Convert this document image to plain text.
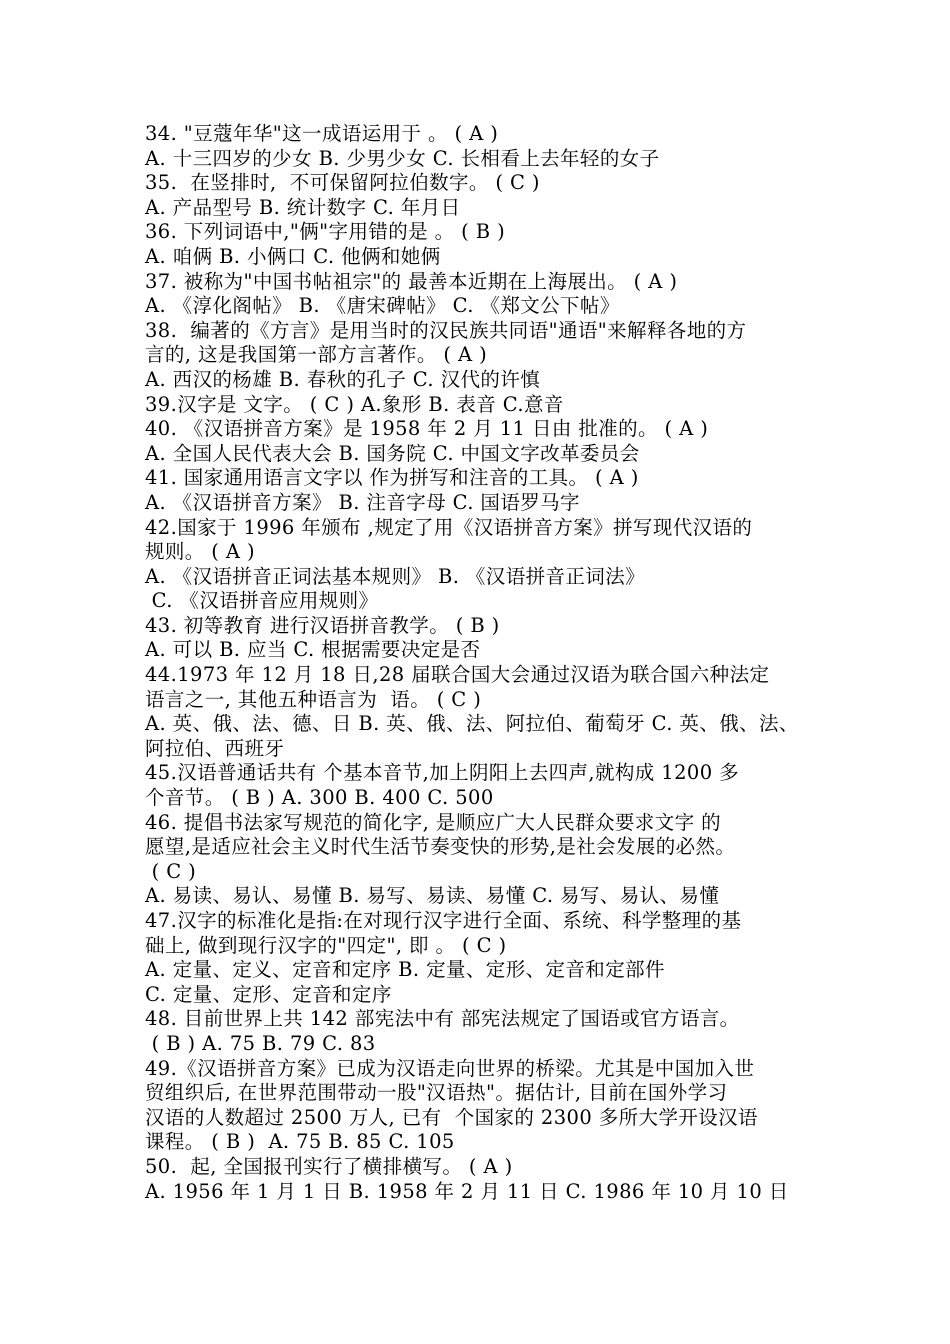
34. "豆蔻年华"这一成语运用于 。 ( A )
A. 十三四岁的少女 B. 少男少女 C. 长相看上去年轻的女子
35.  在竖排时,  不可保留阿拉伯数字。 ( C )
A. 产品型号 B. 统计数字 C. 年月日
36. 下列词语中,"俩"字用错的是 。 ( B )
A. 咱俩 B. 小俩口 C. 他俩和她俩
37. 被称为"中国书帖祖宗"的 最善本近期在上海展出。 ( A )
A. 《淳化阁帖》 B. 《唐宋碑帖》 C. 《郑文公下帖》
38.  编著的《方言》是用当时的汉民族共同语"通语"来解释各地的方
言的, 这是我国第一部方言著作。 ( A )
A. 西汉的杨雄 B. 春秋的孔子 C. 汉代的许慎
39.汉字是 文字。 ( C ) A.象形 B. 表音 C.意音
40. 《汉语拼音方案》是 1958 年 2 月 11 日由 批准的。 ( A )
A. 全国人民代表大会 B. 国务院 C. 中国文字改革委员会
41. 国家通用语言文字以 作为拼写和注音的工具。 ( A )
A. 《汉语拼音方案》 B. 注音字母 C. 国语罗马字
42.国家于 1996 年颁布 ,规定了用《汉语拼音方案》拼写现代汉语的
规则。 ( A )
A. 《汉语拼音正词法基本规则》 B. 《汉语拼音正词法》
C. 《汉语拼音应用规则》
43. 初等教育 进行汉语拼音教学。 ( B )
A. 可以 B. 应当 C. 根据需要决定是否
44.1973 年 12 月 18 日,28 届联合国大会通过汉语为联合国六种法定
语言之一, 其他五种语言为  语。 ( C )
A. 英、俄、法、德、日 B. 英、俄、法、阿拉伯、葡萄牙 C. 英、俄、法、
阿拉伯、西班牙
45.汉语普通话共有 个基本音节,加上阴阳上去四声,就构成 1200 多
个音节。 ( B ) A. 300 B. 400 C. 500
46. 提倡书法家写规范的简化字, 是顺应广大人民群众要求文字 的
愿望,是适应社会主义时代生活节奏变快的形势,是社会发展的必然。
( C )
A. 易读、易认、易懂 B. 易写、易读、易懂 C. 易写、易认、易懂
47.汉字的标准化是指:在对现行汉字进行全面、系统、科学整理的基
础上, 做到现行汉字的"四定", 即 。 ( C )
A. 定量、定义、定音和定序 B. 定量、定形、定音和定部件
C. 定量、定形、定音和定序
48. 目前世界上共 142 部宪法中有 部宪法规定了国语或官方语言。
( B ) A. 75 B. 79 C. 83
49.《汉语拼音方案》已成为汉语走向世界的桥梁。尤其是中国加入世
贸组织后, 在世界范围带动一股"汉语热"。据估计, 目前在国外学习
汉语的人数超过 2500 万人, 已有  个国家的 2300 多所大学开设汉语
课程。 ( B )  A. 75 B. 85 C. 105
50.  起, 全国报刊实行了横排横写。 ( A )
A. 1956 年 1 月 1 日 B. 1958 年 2 月 11 日 C. 1986 年 10 月 10 日
